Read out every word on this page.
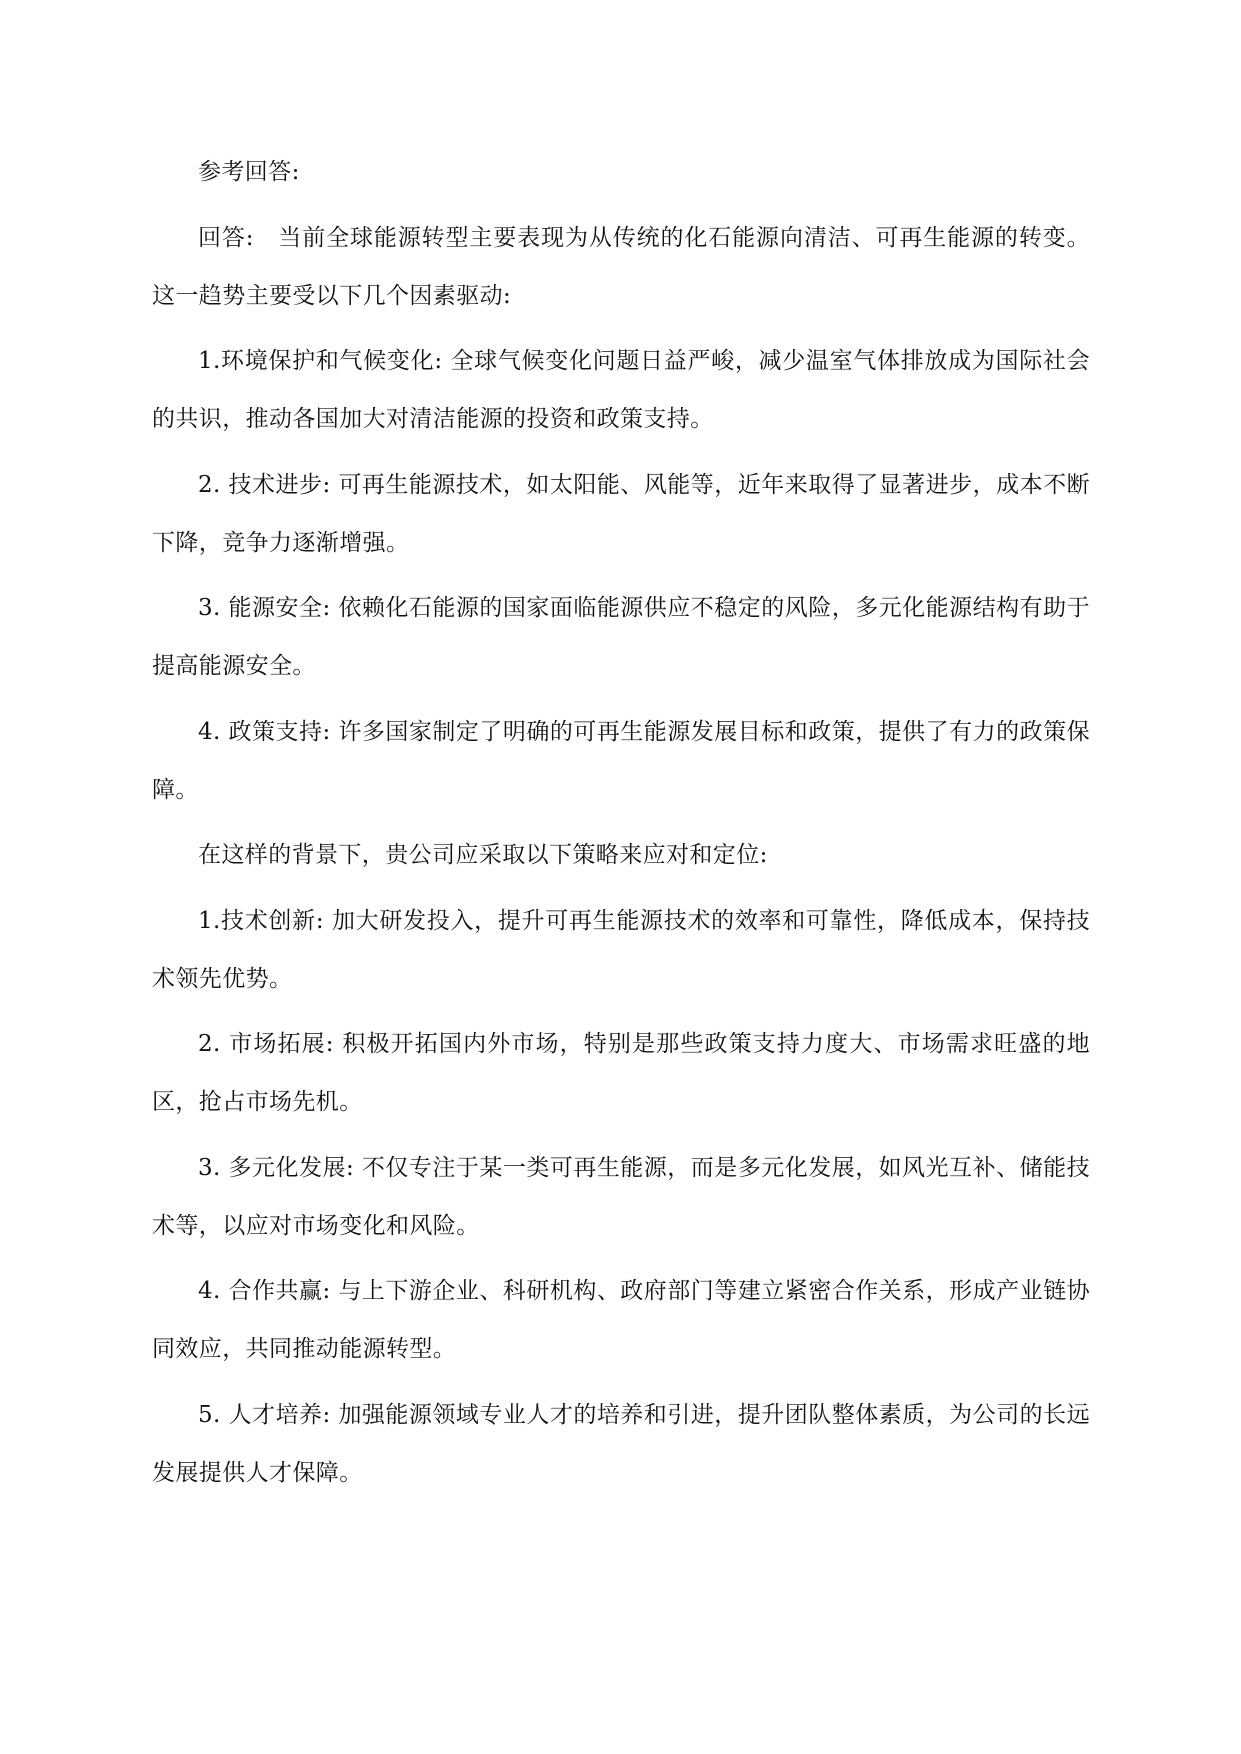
参考回答:

回答:　当前全球能源转型主要表现为从传统的化石能源向清洁、可再生能源的转变。这一趋势主要受以下几个因素驱动:

1.环境保护和气候变化: 全球气候变化问题日益严峻，减少温室气体排放成为国际社会的共识，推动各国加大对清洁能源的投资和政策支持。

2. 技术进步: 可再生能源技术，如太阳能、风能等，近年来取得了显著进步，成本不断下降，竞争力逐渐增强。

3. 能源安全: 依赖化石能源的国家面临能源供应不稳定的风险，多元化能源结构有助于提高能源安全。

4. 政策支持: 许多国家制定了明确的可再生能源发展目标和政策，提供了有力的政策保障。

在这样的背景下，贵公司应采取以下策略来应对和定位:

1.技术创新: 加大研发投入，提升可再生能源技术的效率和可靠性，降低成本，保持技术领先优势。

2. 市场拓展: 积极开拓国内外市场，特别是那些政策支持力度大、市场需求旺盛的地区，抢占市场先机。

3. 多元化发展: 不仅专注于某一类可再生能源，而是多元化发展，如风光互补、储能技术等，以应对市场变化和风险。

4. 合作共赢: 与上下游企业、科研机构、政府部门等建立紧密合作关系，形成产业链协同效应，共同推动能源转型。

5. 人才培养: 加强能源领域专业人才的培养和引进，提升团队整体素质，为公司的长远发展提供人才保障。
